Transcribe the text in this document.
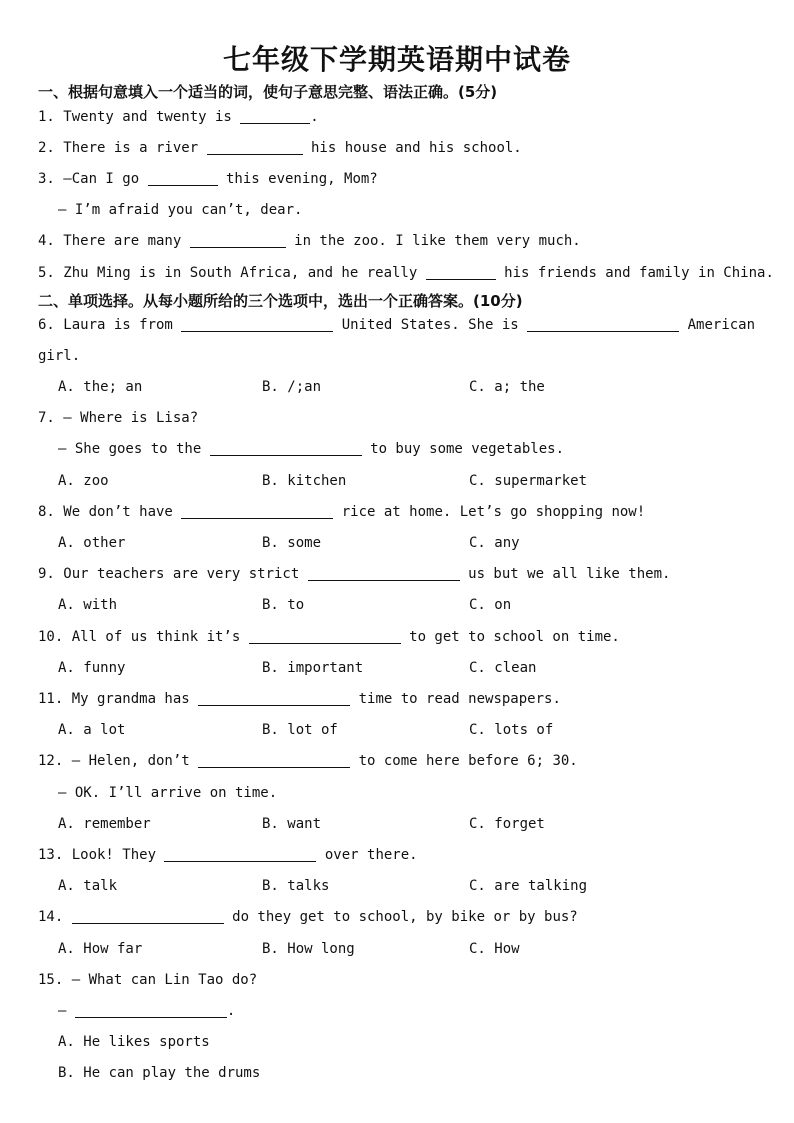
七年级下学期英语期中试卷
一、根据句意填入一个适当的词，使句子意思完整、语法正确。(5分)
1. Twenty and twenty is	.
2. There is a river	his house and his school.
3. —Can I go	this evening, Mom?
— I’m afraid you can’t, dear.
4. There are many	in the zoo. I like them very much.
5. Zhu Ming is in South Africa, and he really	his friends and family in China.
二、单项选择。从每小题所给的三个选项中，选出一个正确答案。(10分)
6. Laura is from	United States. She is	American
girl.
A. the; an	B. /;an	C. a; the
7. — Where is Lisa?
— She goes to the	to buy some vegetables.
A. zoo	B. kitchen	C. supermarket
8. We don’t have	rice at home. Let’s go shopping now!
A. other	B. some	C. any
9. Our teachers are very strict	us but we all like them.
A. with	B. to	C. on
10. All of us think it’s	to get to school on time.
A. funny	B. important	C. clean
11. My grandma has	time to read newspapers.
A. a lot	B. lot of	C. lots of
12. — Helen, don’t	to come here before 6; 30.
— OK. I’ll arrive on time.
A. remember	B. want	C. forget
13. Look! They	over there.
A. talk	B. talks	C. are talking
14.	do they get to school, by bike or by bus?
A. How far	B. How long	C. How
15. — What can Lin Tao do?
—	.
A. He likes sports
B. He can play the drums
